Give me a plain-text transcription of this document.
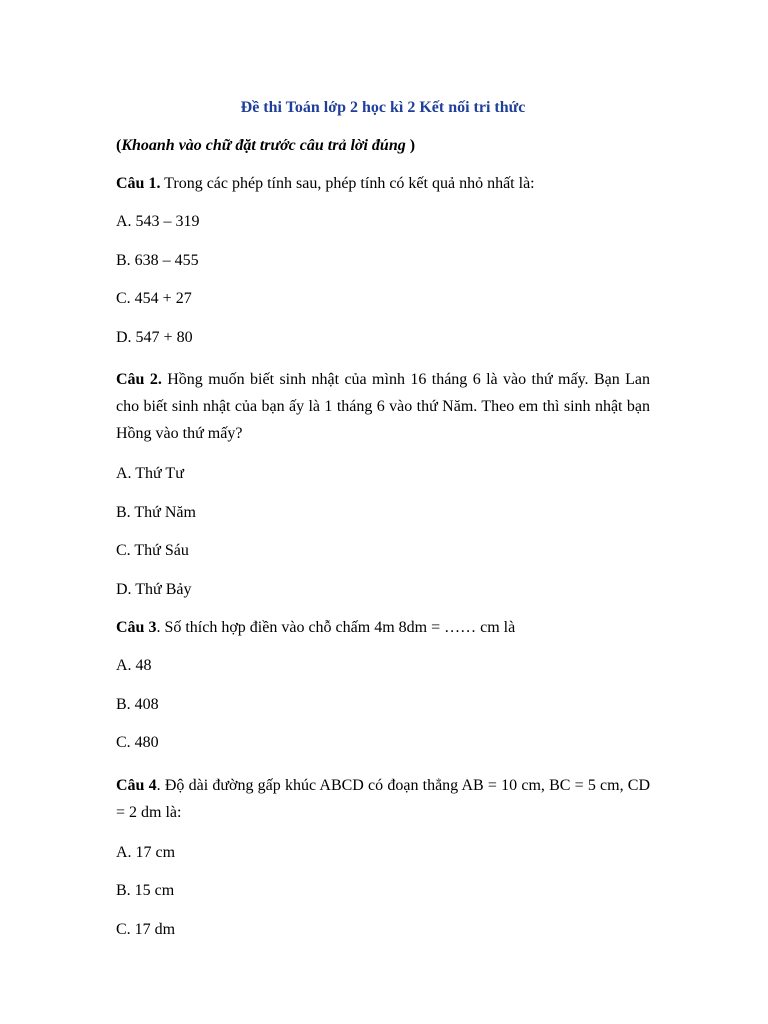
Đề thi Toán lớp 2 học kì 2 Kết nối tri thức
(Khoanh vào chữ đặt trước câu trả lời đúng )
Câu 1. Trong các phép tính sau, phép tính có kết quả nhỏ nhất là:
A. 543 – 319
B. 638 – 455
C. 454 + 27
D. 547 + 80
Câu 2. Hồng muốn biết sinh nhật của mình 16 tháng 6 là vào thứ mấy. Bạn Lan cho biết sinh nhật của bạn ấy là 1 tháng 6 vào thứ Năm. Theo em thì sinh nhật bạn Hồng vào thứ mấy?
A. Thứ Tư
B. Thứ Năm
C. Thứ Sáu
D. Thứ Bảy
Câu 3. Số thích hợp điền vào chỗ chấm 4m 8dm = …… cm là
A. 48
B. 408
C. 480
Câu 4. Độ dài đường gấp khúc ABCD có đoạn thẳng AB = 10 cm, BC = 5 cm, CD = 2 dm là:
A. 17 cm
B. 15 cm
C. 17 dm
